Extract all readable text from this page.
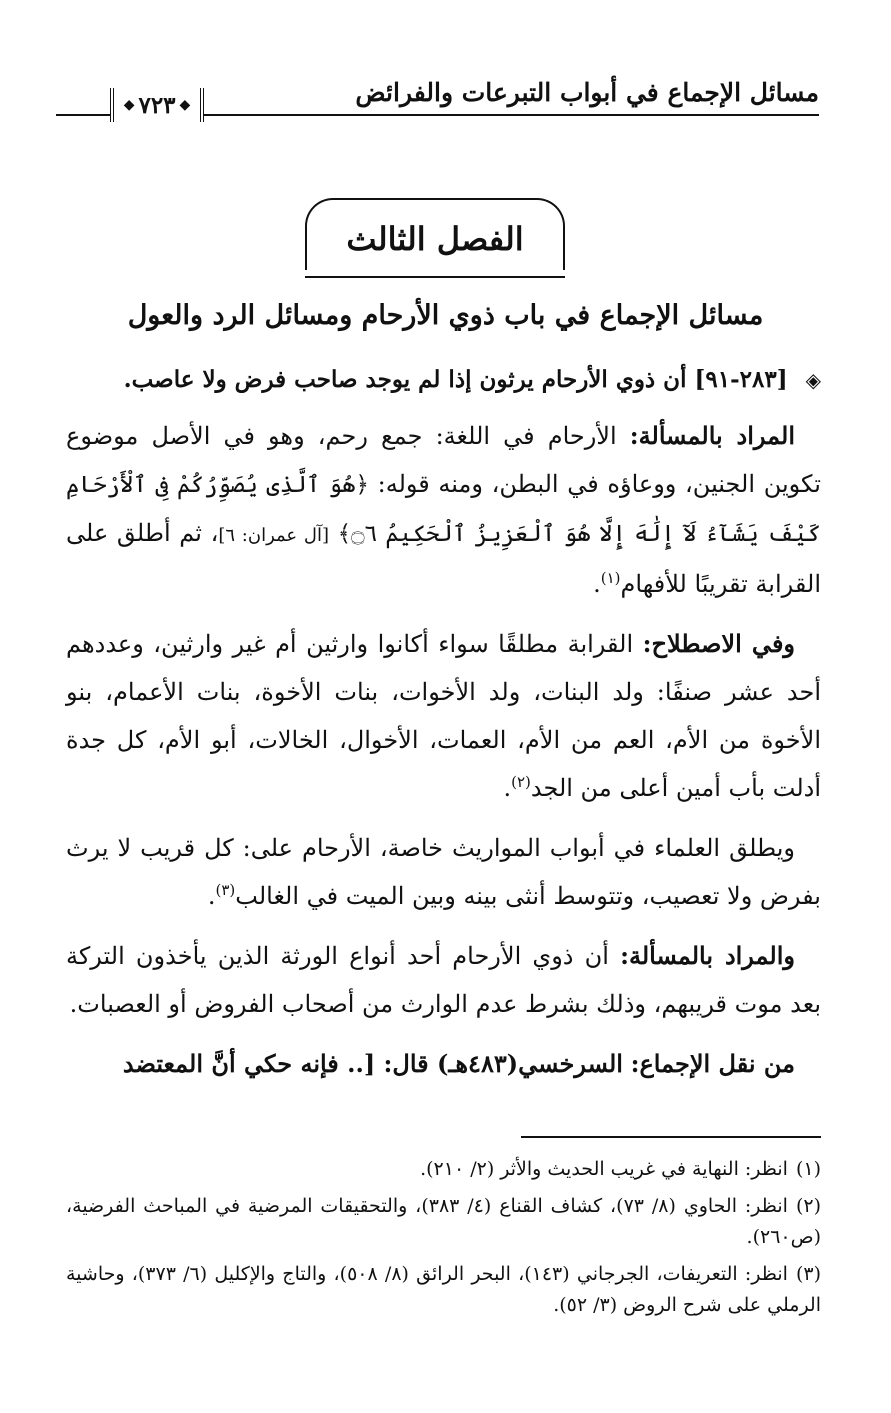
مسائل الإجماع في أبواب التبرعات والفرائض
◆
٧٢٣
◆
الفصل الثالث
مسائل الإجماع في باب ذوي الأرحام ومسائل الرد والعول
◈ [٢٨٣-٩١] أن ذوي الأرحام يرثون إذا لم يوجد صاحب فرض ولا عاصب.

المراد بالمسألة: الأرحام في اللغة: جمع رحم، وهو في الأصل موضوع تكوين الجنين، ووعاؤه في البطن، ومنه قوله: ﴿هُوَ ٱلَّذِى يُصَوِّرُكُمْ فِى ٱلْأَرْحَامِ كَيْفَ يَشَآءُ لَآ إِلَٰهَ إِلَّا هُوَ ٱلْعَزِيزُ ٱلْحَكِيمُ ۝٦﴾ [آل عمران: ٦]، ثم أطلق على القرابة تقريبًا للأفهام$^{(١)}$.

وفي الاصطلاح: القرابة مطلقًا سواء أكانوا وارثين أم غير وارثين، وعددهم أحد عشر صنفًا: ولد البنات، ولد الأخوات، بنات الأخوة، بنات الأعمام، بنو الأخوة من الأم، العم من الأم، العمات، الأخوال، الخالات، أبو الأم، كل جدة أدلت بأب أمين أعلى من الجد$^{(٢)}$.

ويطلق العلماء في أبواب المواريث خاصة، الأرحام على: كل قريب لا يرث بفرض ولا تعصيب، وتتوسط أنثى بينه وبين الميت في الغالب$^{(٣)}$.

والمراد بالمسألة: أن ذوي الأرحام أحد أنواع الورثة الذين يأخذون التركة بعد موت قريبهم، وذلك بشرط عدم الوارث من أصحاب الفروض أو العصبات.

من نقل الإجماع: السرخسي(٤٨٣هـ) قال: [.. فإنه حكي أنَّ المعتضد

(١)انظر: النهاية في غريب الحديث والأثر (٢/ ٢١٠).

(٢)انظر: الحاوي (٨/ ٧٣)، كشاف القناع (٤/ ٣٨٣)، والتحقيقات المرضية في المباحث الفرضية، (ص٢٦٠).

(٣)انظر: التعريفات، الجرجاني (١٤٣)، البحر الرائق (٨/ ٥٠٨)، والتاج والإكليل (٦/ ٣٧٣)، وحاشية الرملي على شرح الروض (٣/ ٥٢).
